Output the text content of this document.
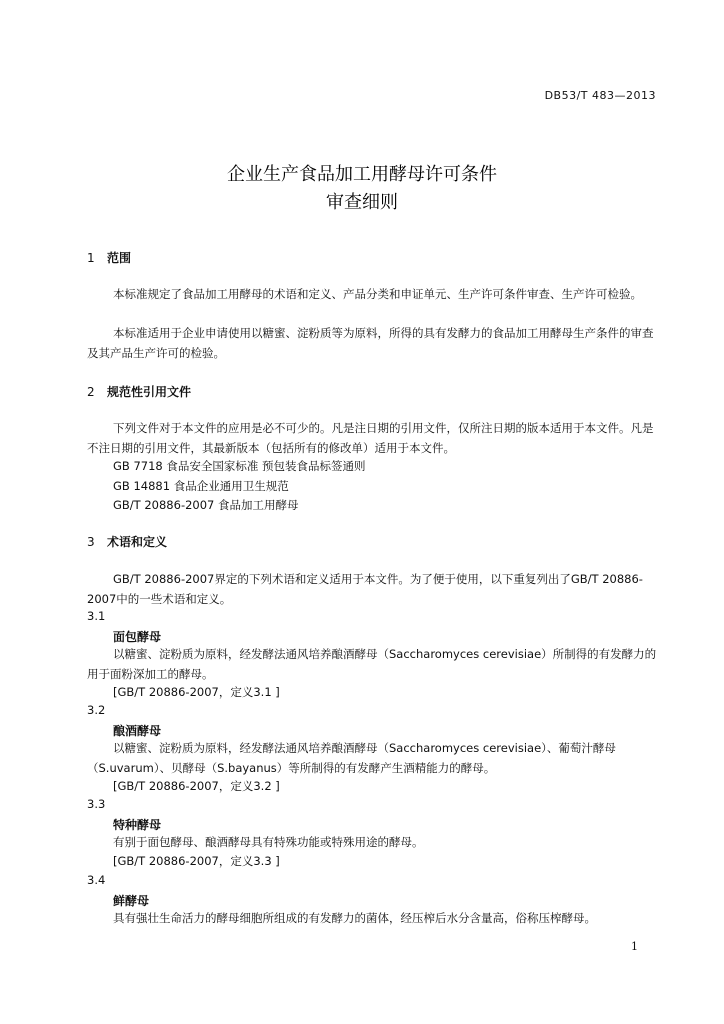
DB53/T 483—2013
企业生产食品加工用酵母许可条件
审查细则
1 范围
本标准规定了食品加工用酵母的术语和定义、产品分类和申证单元、生产许可条件审查、生产许可检验。
本标准适用于企业申请使用以糖蜜、淀粉质等为原料，所得的具有发酵力的食品加工用酵母生产条件的审查及其产品生产许可的检验。
2 规范性引用文件
下列文件对于本文件的应用是必不可少的。凡是注日期的引用文件，仅所注日期的版本适用于本文件。凡是不注日期的引用文件，其最新版本（包括所有的修改单）适用于本文件。
GB 7718 食品安全国家标准 预包装食品标签通则
GB 14881 食品企业通用卫生规范
GB/T 20886-2007 食品加工用酵母
3 术语和定义
GB/T 20886-2007界定的下列术语和定义适用于本文件。为了便于使用，以下重复列出了GB/T 20886-2007中的一些术语和定义。
3.1
面包酵母
以糖蜜、淀粉质为原料，经发酵法通风培养酿酒酵母（Saccharomyces cerevisiae）所制得的有发酵力的用于面粉深加工的酵母。
[GB/T 20886-2007，定义3.1 ]
3.2
酿酒酵母
以糖蜜、淀粉质为原料，经发酵法通风培养酿酒酵母（Saccharomyces cerevisiae）、葡萄汁酵母（S.uvarum）、贝酵母（S.bayanus）等所制得的有发酵产生酒精能力的酵母。
[GB/T 20886-2007，定义3.2 ]
3.3
特种酵母
有别于面包酵母、酿酒酵母具有特殊功能或特殊用途的酵母。
[GB/T 20886-2007，定义3.3 ]
3.4
鲜酵母
具有强壮生命活力的酵母细胞所组成的有发酵力的菌体，经压榨后水分含量高，俗称压榨酵母。
1
